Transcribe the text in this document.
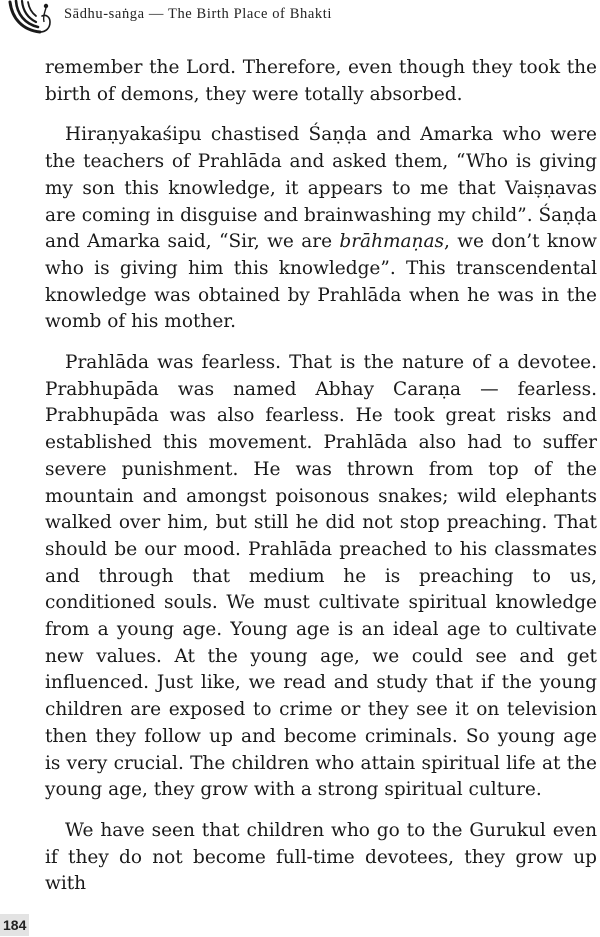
Sādhu-saṅga — The Birth Place of Bhakti

remember the Lord. Therefore, even though they took the birth of demons, they were totally absorbed.

Hiraṇyakaśipu chastised Śaṇḍa and Amarka who were the teachers of Prahlāda and asked them, “Who is giving my son this knowledge, it appears to me that Vaiṣṇavas are coming in disguise and brainwashing my child”. Śaṇḍa and Amarka said, “Sir, we are brāhmaṇas, we don’t know who is giving him this knowledge”. This transcendental knowledge was obtained by Prahlāda when he was in the womb of his mother.

Prahlāda was fearless. That is the nature of a devotee. Prabhupāda was named Abhay Caraṇa — fearless. Prabhupāda was also fearless. He took great risks and established this movement. Prahlāda also had to suffer severe punishment. He was thrown from top of the mountain and amongst poisonous snakes; wild elephants walked over him, but still he did not stop preaching. That should be our mood. Prahlāda preached to his classmates and through that medium he is preaching to us, conditioned souls. We must cultivate spiritual knowledge from a young age. Young age is an ideal age to cultivate new values. At the young age, we could see and get influenced. Just like, we read and study that if the young children are exposed to crime or they see it on television then they follow up and become criminals. So young age is very crucial. The children who attain spiritual life at the young age, they grow with a strong spiritual culture.

We have seen that children who go to the Gurukul even if they do not become full-time devotees, they grow up with

184
